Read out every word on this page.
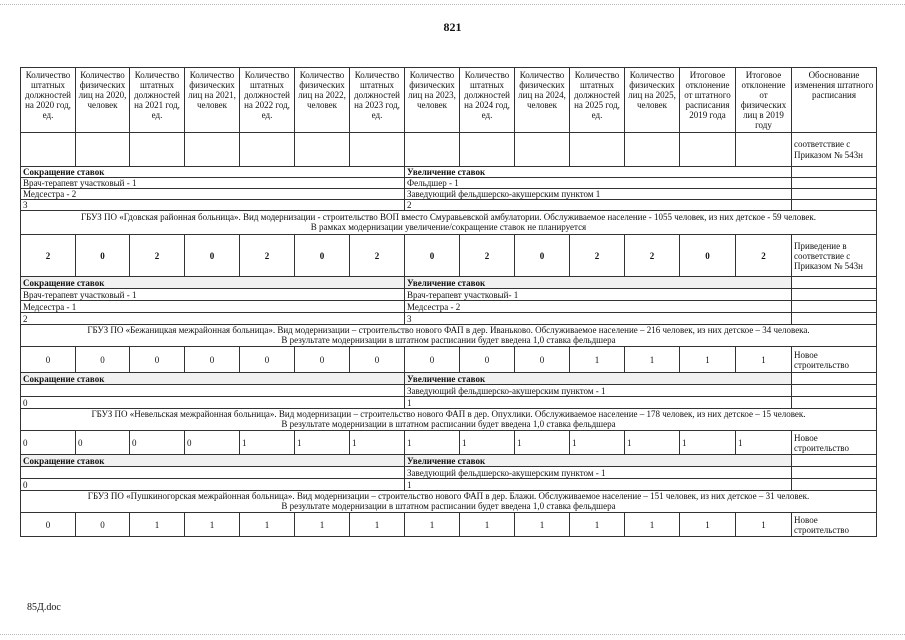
821
Количество штатных должностей на 2020 год, ед.	Количество физических лиц на 2020, человек	Количество штатных должностей на 2021 год, ед.	Количество физических лиц на 2021, человек	Количество штатных должностей на 2022 год, ед.	Количество физических лиц на 2022, человек	Количество штатных должностей на 2023 год, ед.	Количество физических лиц на 2023, человек	Количество штатных должностей на 2024 год, ед.	Количество физических лиц на 2024, человек	Количество штатных должностей на 2025 год, ед.	Количество физических лиц на 2025, человек	Итоговое отклонение от штатного расписания 2019 года	Итоговое отклонение от физических лиц в 2019 году	Обоснование изменения штатного расписания
														соответствие с Приказом № 543н
Сокращение ставок							Увеличение ставок							
Врач-терапевт участковый - 1							Фельдшер - 1							
Медсестра - 2							Заведующий фельдшерско-акушерским пунктом 1							
3							2							

ГБУЗ ПО «Гдовская районная больница». Вид модернизации - строительство ВОП вместо Смуравьевской амбулатории. Обслуживаемое население - 1055 человек, из них детское - 59 человек.
В рамках модернизации увеличение/сокращение ставок не планируется														

2	0	2	0	2	0	2	0	2	0	2	2	0	2	Приведение в соответствие с Приказом № 543н
Сокращение ставок							Увеличение ставок							
Врач-терапевт участковый - 1							Врач-терапевт участковый- 1							
Медсестра - 1							Медсестра - 2							
2							3							

ГБУЗ ПО «Бежаницкая межрайонная больница». Вид модернизации – строительство нового ФАП в дер. Иваньково. Обслуживаемое население – 216 человек, из них детское – 34 человека.
В результате модернизации в штатном расписании будет введена 1,0 ставка фельдшера														

0	0	0	0	0	0	0	0	0	0	1	1	1	1	Новое строительство
Сокращение ставок							Увеличение ставок							
							Заведующий фельдшерско-акушерским пунктом - 1							
0							1							

ГБУЗ ПО «Невельская межрайонная больница». Вид модернизации – строительство нового ФАП в дер. Опухлики. Обслуживаемое население – 178 человек, из них детское – 15 человек.
В результате модернизации в штатном расписании будет введена 1,0 ставка фельдшера														

0	0	0	0	1	1	1	1	1	1	1	1	1	1	Новое строительство
Сокращение ставок							Увеличение ставок							
							Заведующий фельдшерско-акушерским пунктом - 1							
0							1							

ГБУЗ ПО «Пушкиногорская межрайонная больница». Вид модернизации – строительство нового ФАП в дер. Блажи. Обслуживаемое население – 151 человек, из них детское – 31 человек.
В результате модернизации в штатном расписании будет введена 1,0 ставка фельдшера														

0	0	1	1	1	1	1	1	1	1	1	1	1	1	Новое строительство
85Д.doc
